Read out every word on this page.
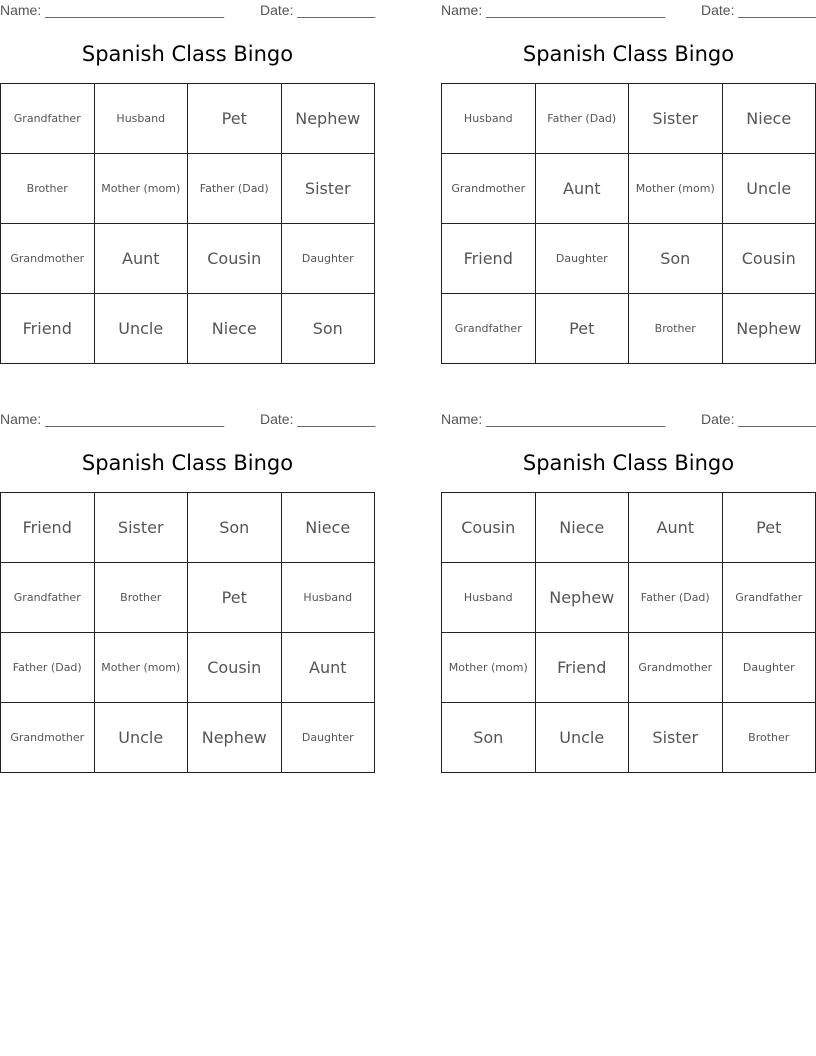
Name: _______________________	Date: __________
Spanish Class Bingo
Grandfather	Husband	Pet	Nephew
Brother	Mother (mom)	Father (Dad)	Sister
Grandmother	Aunt	Cousin	Daughter
Friend	Uncle	Niece	Son
Name: _______________________	Date: __________
Spanish Class Bingo
Husband	Father (Dad)	Sister	Niece
Grandmother	Aunt	Mother (mom)	Uncle
Friend	Daughter	Son	Cousin
Grandfather	Pet	Brother	Nephew
Name: _______________________	Date: __________
Spanish Class Bingo
Friend	Sister	Son	Niece
Grandfather	Brother	Pet	Husband
Father (Dad)	Mother (mom)	Cousin	Aunt
Grandmother	Uncle	Nephew	Daughter
Name: _______________________	Date: __________
Spanish Class Bingo
Cousin	Niece	Aunt	Pet
Husband	Nephew	Father (Dad)	Grandfather
Mother (mom)	Friend	Grandmother	Daughter
Son	Uncle	Sister	Brother
